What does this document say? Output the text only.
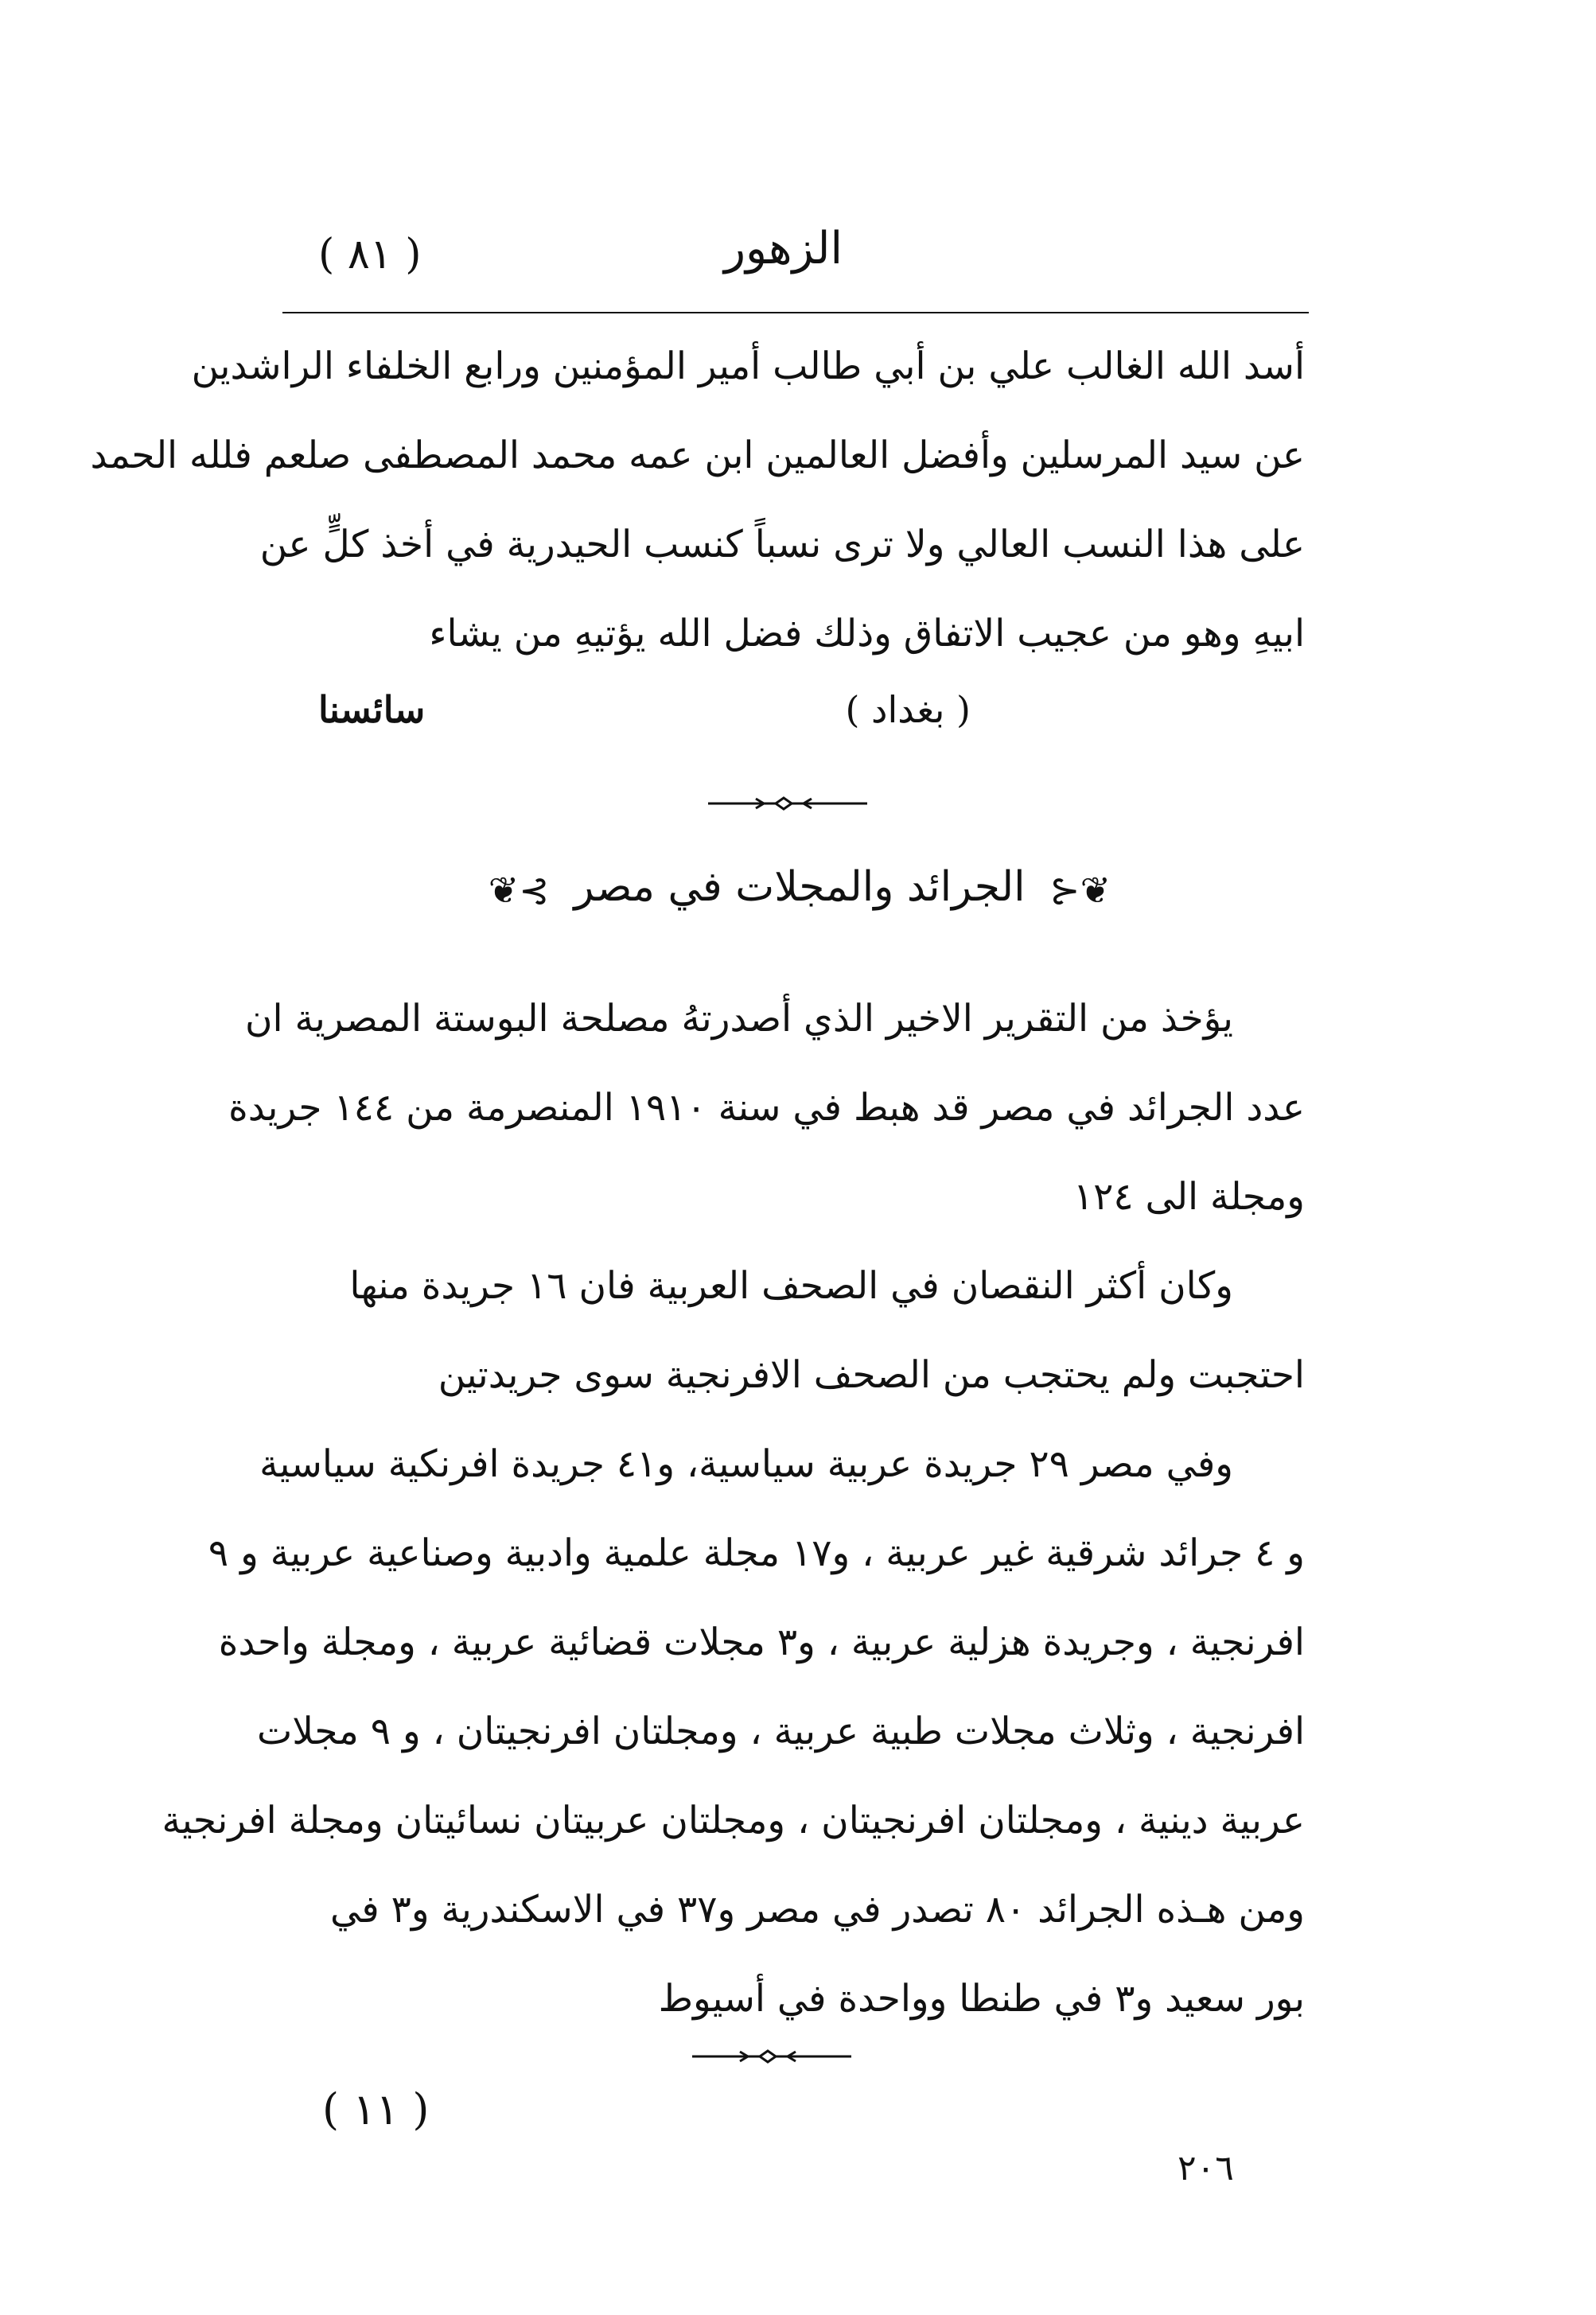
( ٨١ )	الزهور
أسد الله الغالب علي بن أبي طالب أمير المؤمنين ورابع الخلفاء الراشدين
عن سيد المرسلين وأفضل العالمين ابن عمه محمد المصطفى صلعم فلله الحمد
على هذا النسب العالي ولا ترى نسباً كنسب الحيدرية في أخذ كلٍّ عن
ابيهِ وهو من عجيب الاتفاق وذلك فضل الله يؤتيهِ من يشاء
( بغداد )
سائسنا
❦⊰ الجرائد والمجلات في مصر ⊱❦
يؤخذ من التقرير الاخير الذي أصدرتهُ مصلحة البوستة المصرية ان
عدد الجرائد في مصر قد هبط في سنة ١٩١٠ المنصرمة من ١٤٤ جريدة
ومجلة الى ١٢٤
وكان أكثر النقصان في الصحف العربية فان ١٦ جريدة منها
احتجبت ولم يحتجب من الصحف الافرنجية سوى جريدتين
وفي مصر ٢٩ جريدة عربية سياسية، و٤١ جريدة افرنكية سياسية
و ٤ جرائد شرقية غير عربية ، و١٧ مجلة علمية وادبية وصناعية عربية و ٩
افرنجية ، وجريدة هزلية عربية ، و٣ مجلات قضائية عربية ، ومجلة واحدة
افرنجية ، وثلاث مجلات طبية عربية ، ومجلتان افرنجيتان ، و ٩ مجلات
عربية دينية ، ومجلتان افرنجيتان ، ومجلتان عربيتان نسائيتان ومجلة افرنجية
ومن هـذه الجرائد ٨٠ تصدر في مصر و٣٧ في الاسكندرية و٣ في
بور سعيد و٣ في طنطا وواحدة في أسيوط
( ١١ )
٢٠٦
